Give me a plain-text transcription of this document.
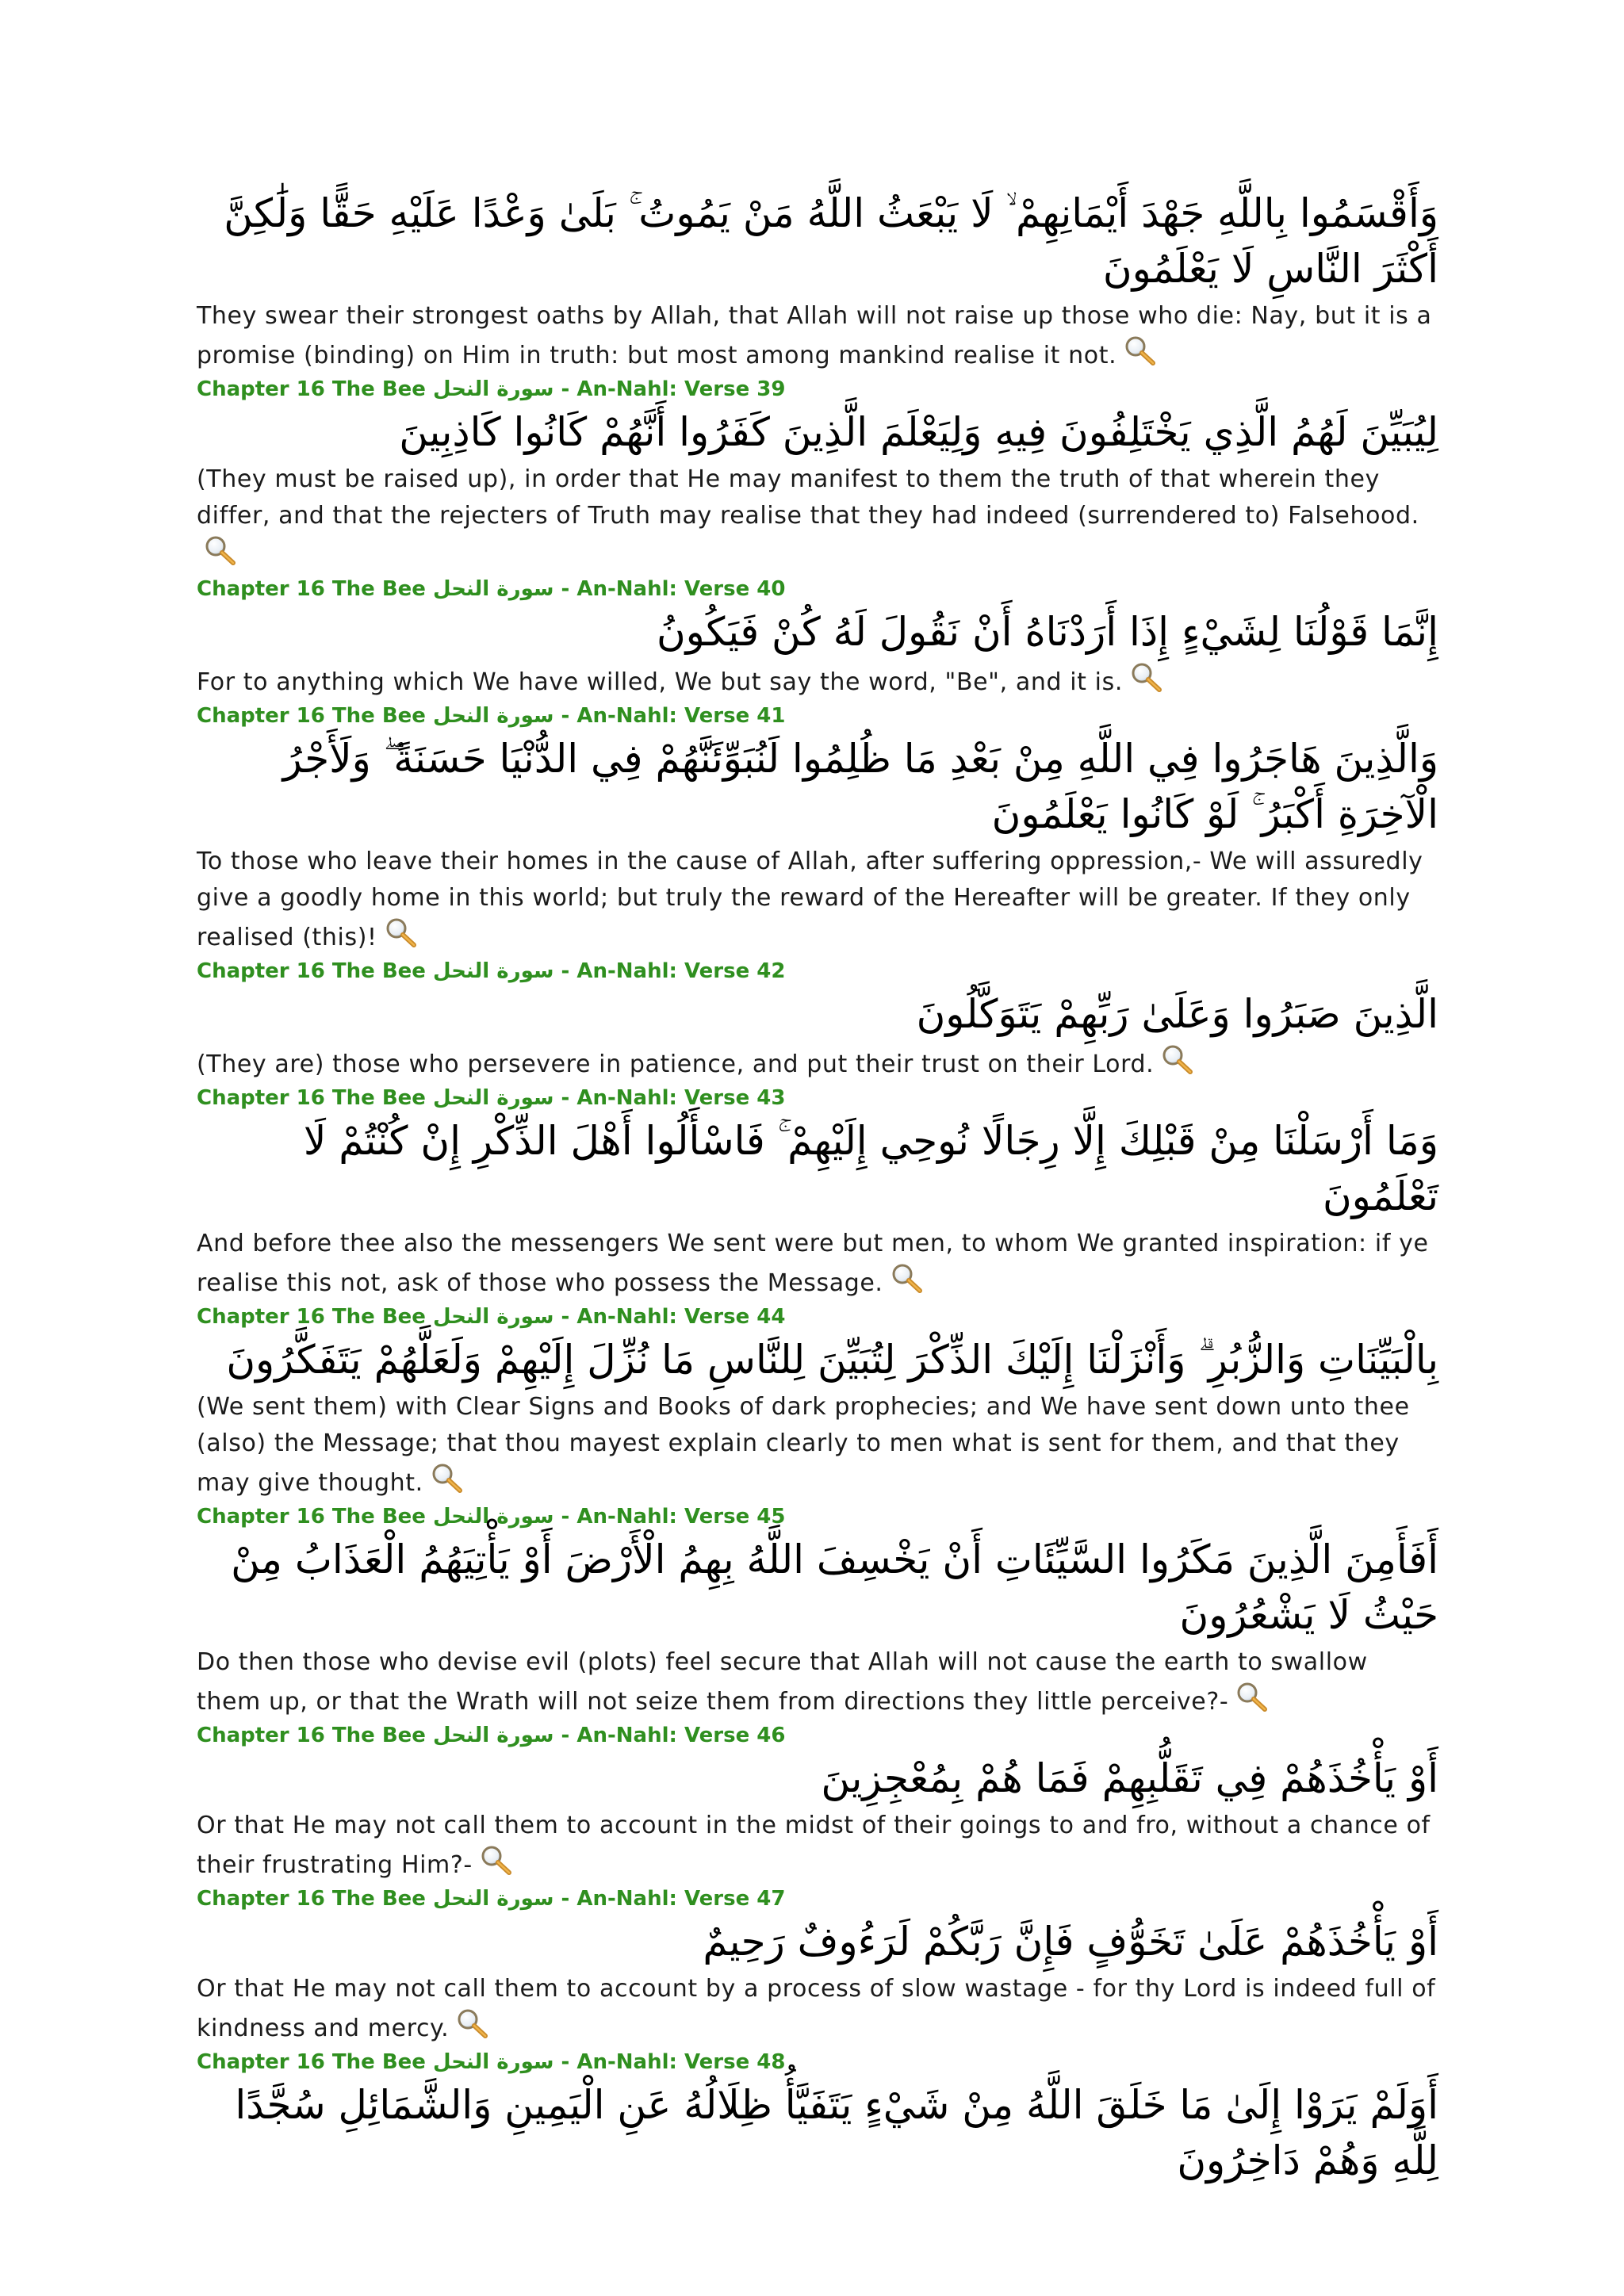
وَأَقْسَمُوا بِاللَّهِ جَهْدَ أَيْمَانِهِمْ ۙ لَا يَبْعَثُ اللَّهُ مَنْ يَمُوتُ ۚ بَلَىٰ وَعْدًا عَلَيْهِ حَقًّا وَلَٰكِنَّ أَكْثَرَ النَّاسِ لَا يَعْلَمُونَ
They swear their strongest oaths by Allah, that Allah will not raise up those who die: Nay, but it is a promise (binding) on Him in truth: but most among mankind realise it not.
Chapter 16 The Bee سورة النحل - An-Nahl: Verse 39
لِيُبَيِّنَ لَهُمُ الَّذِي يَخْتَلِفُونَ فِيهِ وَلِيَعْلَمَ الَّذِينَ كَفَرُوا أَنَّهُمْ كَانُوا كَاذِبِينَ
(They must be raised up), in order that He may manifest to them the truth of that wherein they differ, and that the rejecters of Truth may realise that they had indeed (surrendered to) Falsehood.
Chapter 16 The Bee سورة النحل - An-Nahl: Verse 40
إِنَّمَا قَوْلُنَا لِشَيْءٍ إِذَا أَرَدْنَاهُ أَنْ نَقُولَ لَهُ كُنْ فَيَكُونُ
For to anything which We have willed, We but say the word, "Be", and it is.
Chapter 16 The Bee سورة النحل - An-Nahl: Verse 41
وَالَّذِينَ هَاجَرُوا فِي اللَّهِ مِنْ بَعْدِ مَا ظُلِمُوا لَنُبَوِّئَنَّهُمْ فِي الدُّنْيَا حَسَنَةً ۖ وَلَأَجْرُ الْآخِرَةِ أَكْبَرُ ۚ لَوْ كَانُوا يَعْلَمُونَ
To those who leave their homes in the cause of Allah, after suffering oppression,- We will assuredly give a goodly home in this world; but truly the reward of the Hereafter will be greater. If they only realised (this)!
Chapter 16 The Bee سورة النحل - An-Nahl: Verse 42
الَّذِينَ صَبَرُوا وَعَلَىٰ رَبِّهِمْ يَتَوَكَّلُونَ
(They are) those who persevere in patience, and put their trust on their Lord.
Chapter 16 The Bee سورة النحل - An-Nahl: Verse 43
وَمَا أَرْسَلْنَا مِنْ قَبْلِكَ إِلَّا رِجَالًا نُوحِي إِلَيْهِمْ ۚ فَاسْأَلُوا أَهْلَ الذِّكْرِ إِنْ كُنْتُمْ لَا تَعْلَمُونَ
And before thee also the messengers We sent were but men, to whom We granted inspiration: if ye realise this not, ask of those who possess the Message.
Chapter 16 The Bee سورة النحل - An-Nahl: Verse 44
بِالْبَيِّنَاتِ وَالزُّبُرِ ۗ وَأَنْزَلْنَا إِلَيْكَ الذِّكْرَ لِتُبَيِّنَ لِلنَّاسِ مَا نُزِّلَ إِلَيْهِمْ وَلَعَلَّهُمْ يَتَفَكَّرُونَ
(We sent them) with Clear Signs and Books of dark prophecies; and We have sent down unto thee (also) the Message; that thou mayest explain clearly to men what is sent for them, and that they may give thought.
Chapter 16 The Bee سورة النحل - An-Nahl: Verse 45
أَفَأَمِنَ الَّذِينَ مَكَرُوا السَّيِّئَاتِ أَنْ يَخْسِفَ اللَّهُ بِهِمُ الْأَرْضَ أَوْ يَأْتِيَهُمُ الْعَذَابُ مِنْ حَيْثُ لَا يَشْعُرُونَ
Do then those who devise evil (plots) feel secure that Allah will not cause the earth to swallow them up, or that the Wrath will not seize them from directions they little perceive?-
Chapter 16 The Bee سورة النحل - An-Nahl: Verse 46
أَوْ يَأْخُذَهُمْ فِي تَقَلُّبِهِمْ فَمَا هُمْ بِمُعْجِزِينَ
Or that He may not call them to account in the midst of their goings to and fro, without a chance of their frustrating Him?-
Chapter 16 The Bee سورة النحل - An-Nahl: Verse 47
أَوْ يَأْخُذَهُمْ عَلَىٰ تَخَوُّفٍ فَإِنَّ رَبَّكُمْ لَرَءُوفٌ رَحِيمٌ
Or that He may not call them to account by a process of slow wastage - for thy Lord is indeed full of kindness and mercy.
Chapter 16 The Bee سورة النحل - An-Nahl: Verse 48
أَوَلَمْ يَرَوْا إِلَىٰ مَا خَلَقَ اللَّهُ مِنْ شَيْءٍ يَتَفَيَّأُ ظِلَالُهُ عَنِ الْيَمِينِ وَالشَّمَائِلِ سُجَّدًا لِلَّهِ وَهُمْ دَاخِرُونَ
